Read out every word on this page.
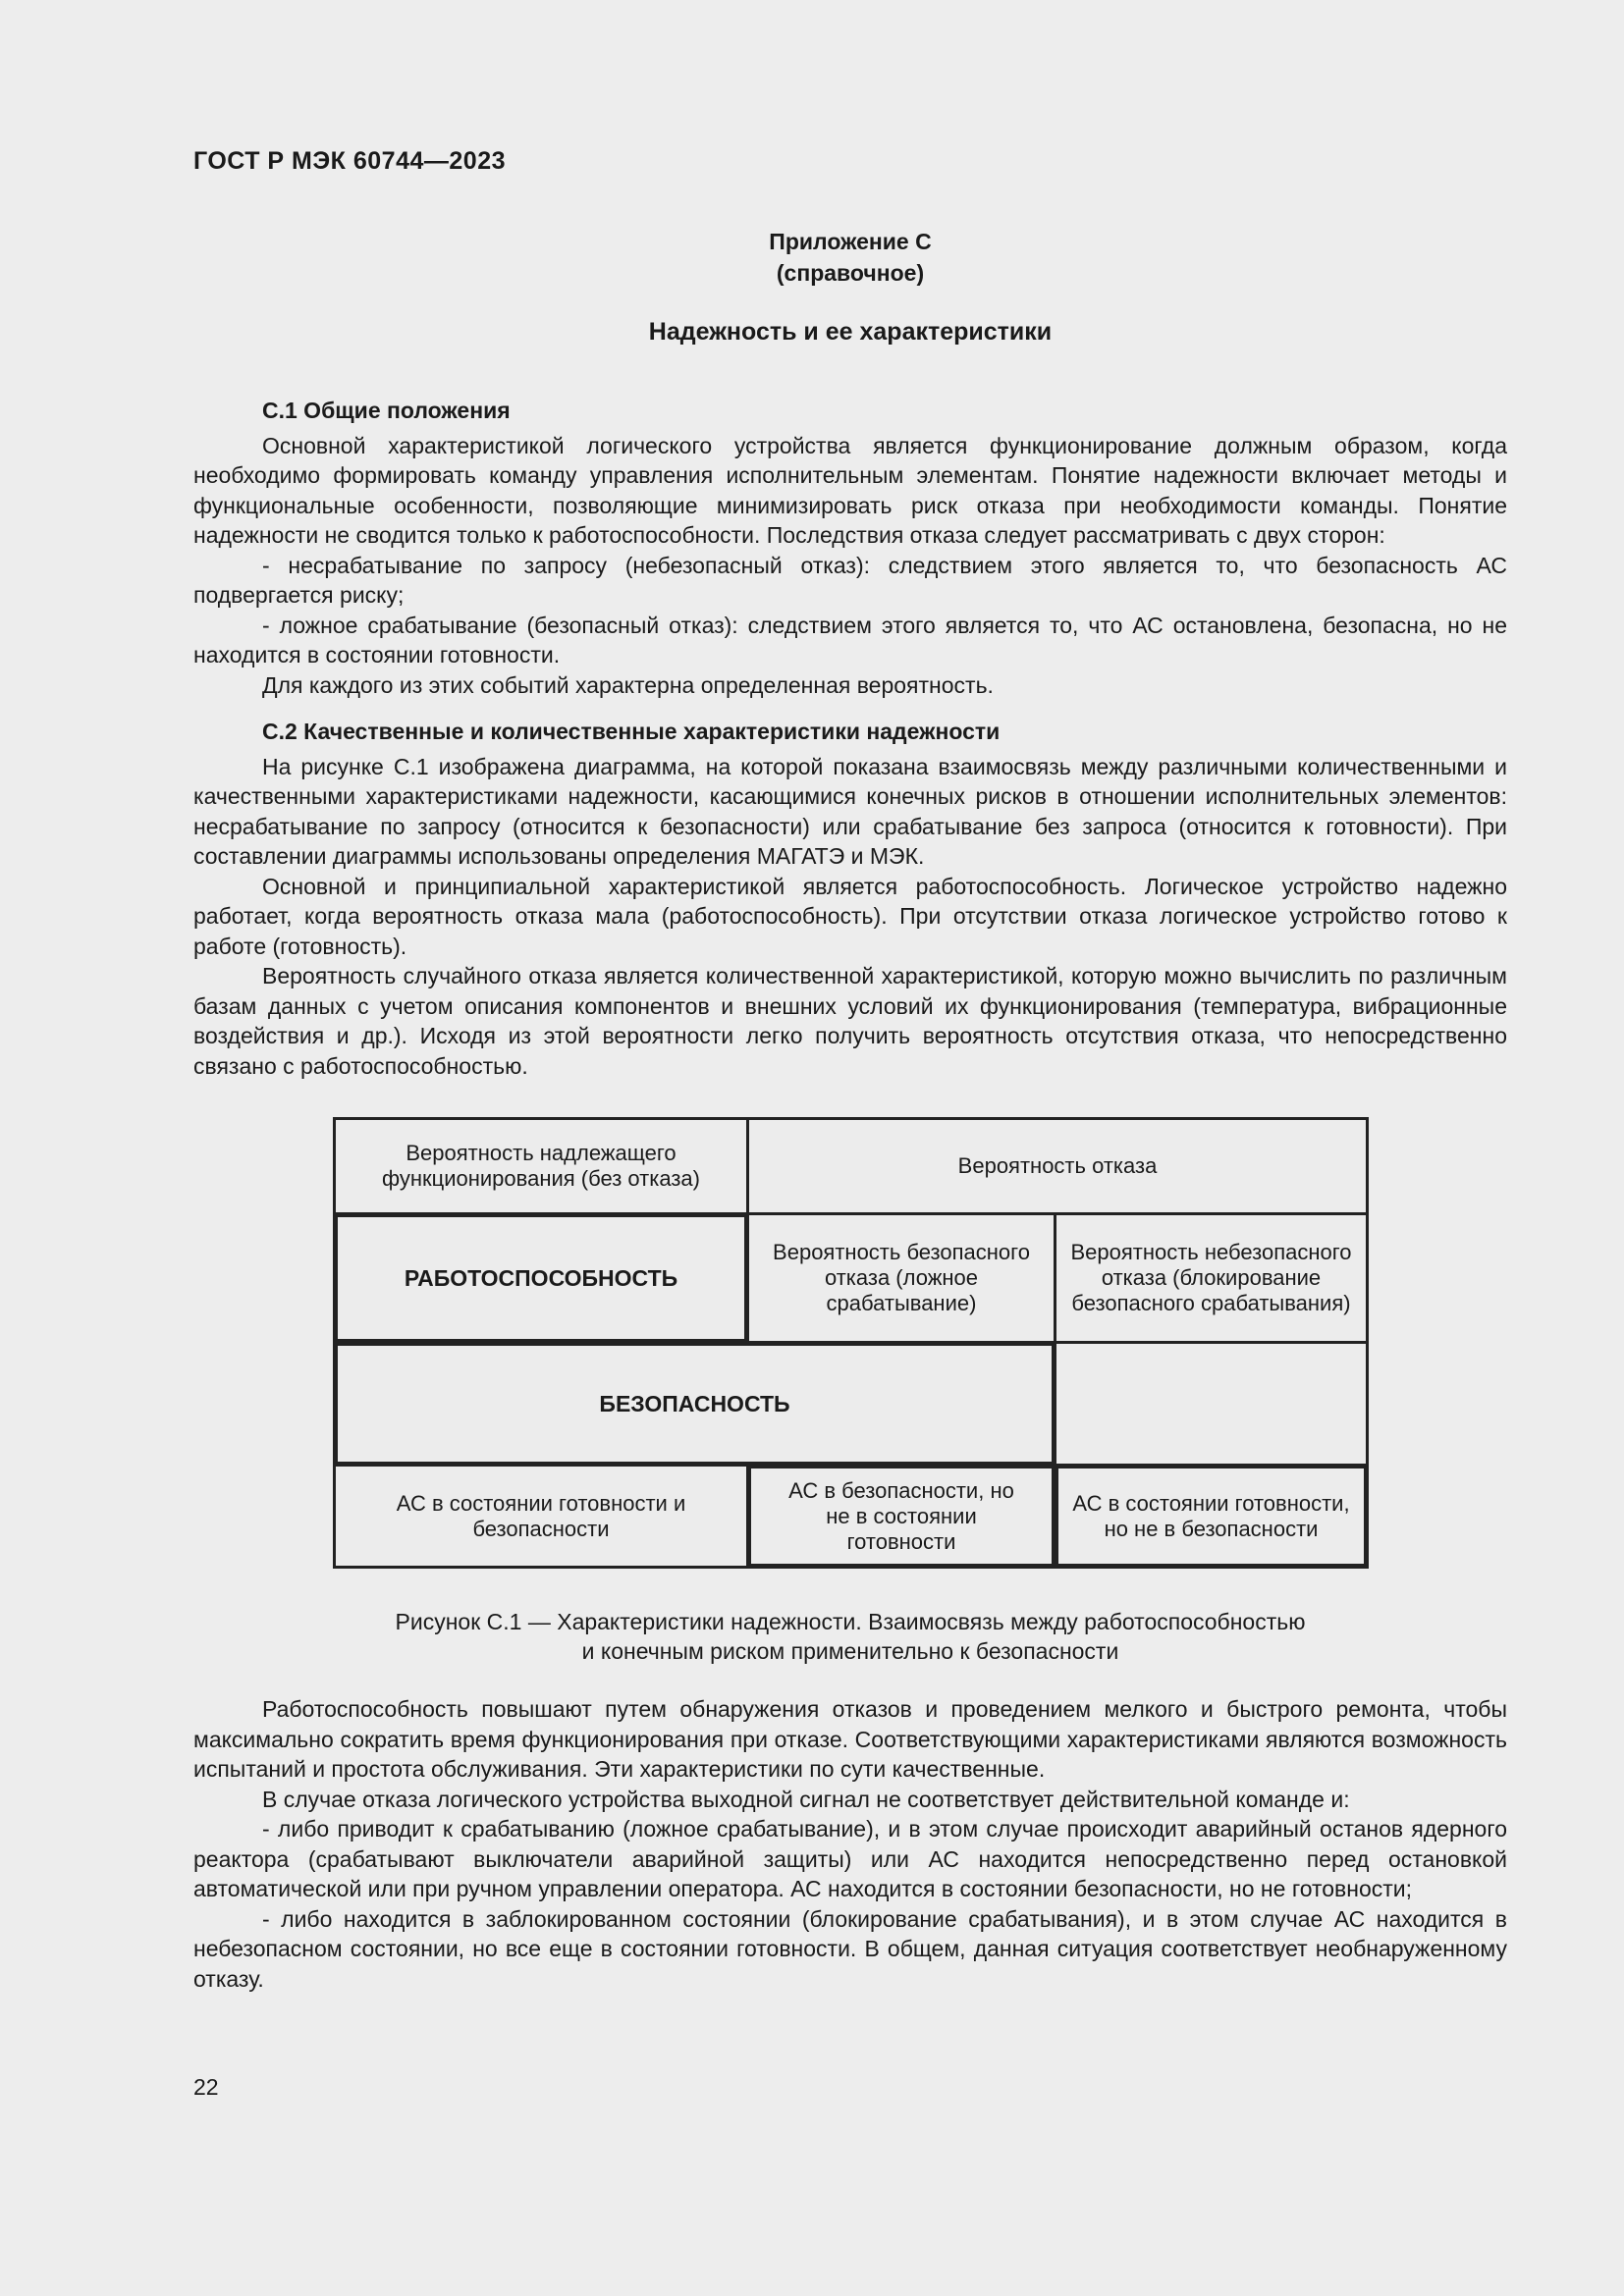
ГОСТ Р МЭК 60744—2023
Приложение С
(справочное)
Надежность и ее характеристики
С.1 Общие положения

Основной характеристикой логического устройства является функционирование должным образом, когда необходимо формировать команду управления исполнительным элементам. Понятие надежности включает методы и функциональные особенности, позволяющие минимизировать риск отказа при необходимости команды. Понятие надежности не сводится только к работоспособности. Последствия отказа следует рассматривать с двух сторон:

- несрабатывание по запросу (небезопасный отказ): следствием этого является то, что безопасность АС подвергается риску;

- ложное срабатывание (безопасный отказ): следствием этого является то, что АС остановлена, безопасна, но не находится в состоянии готовности.

Для каждого из этих событий характерна определенная вероятность.

С.2 Качественные и количественные характеристики надежности

На рисунке С.1 изображена диаграмма, на которой показана взаимосвязь между различными количественными и качественными характеристиками надежности, касающимися конечных рисков в отношении исполнительных элементов: несрабатывание по запросу (относится к безопасности) или срабатывание без запроса (относится к готовности). При составлении диаграммы использованы определения МАГАТЭ и МЭК.

Основной и принципиальной характеристикой является работоспособность. Логическое устройство надежно работает, когда вероятность отказа мала (работоспособность). При отсутствии отказа логическое устройство готово к работе (готовность).

Вероятность случайного отказа является количественной характеристикой, которую можно вычислить по различным базам данных с учетом описания компонентов и внешних условий их функционирования (температура, вибрационные воздействия и др.). Исходя из этой вероятности легко получить вероятность отсутствия отказа, что непосредственно связано с работоспособностью.

Вероятность надлежащего функционирования (без отказа)
Вероятность отказа
РАБОТОСПОСОБНОСТЬ
Вероятность безопасного отказа (ложное срабатывание)
Вероятность небезопасного отказа (блокирование безопасного срабатывания)
БЕЗОПАСНОСТЬ
АС в состоянии готовности и безопасности
АС в безопасности, но не в состоянии готовности
АС в состоянии готовности, но не в безопасности
Рисунок С.1 — Характеристики надежности. Взаимосвязь между работоспособностью
и конечным риском применительно к безопасности

Работоспособность повышают путем обнаружения отказов и проведением мелкого и быстрого ремонта, чтобы максимально сократить время функционирования при отказе. Соответствующими характеристиками являются возможность испытаний и простота обслуживания. Эти характеристики по сути качественные.

В случае отказа логического устройства выходной сигнал не соответствует действительной команде и:

- либо приводит к срабатыванию (ложное срабатывание), и в этом случае происходит аварийный останов ядерного реактора (срабатывают выключатели аварийной защиты) или АС находится непосредственно перед остановкой автоматической или при ручном управлении оператора. АС находится в состоянии безопасности, но не готовности;

- либо находится в заблокированном состоянии (блокирование срабатывания), и в этом случае АС находится в небезопасном состоянии, но все еще в состоянии готовности. В общем, данная ситуация соответствует необнаруженному отказу.

22
